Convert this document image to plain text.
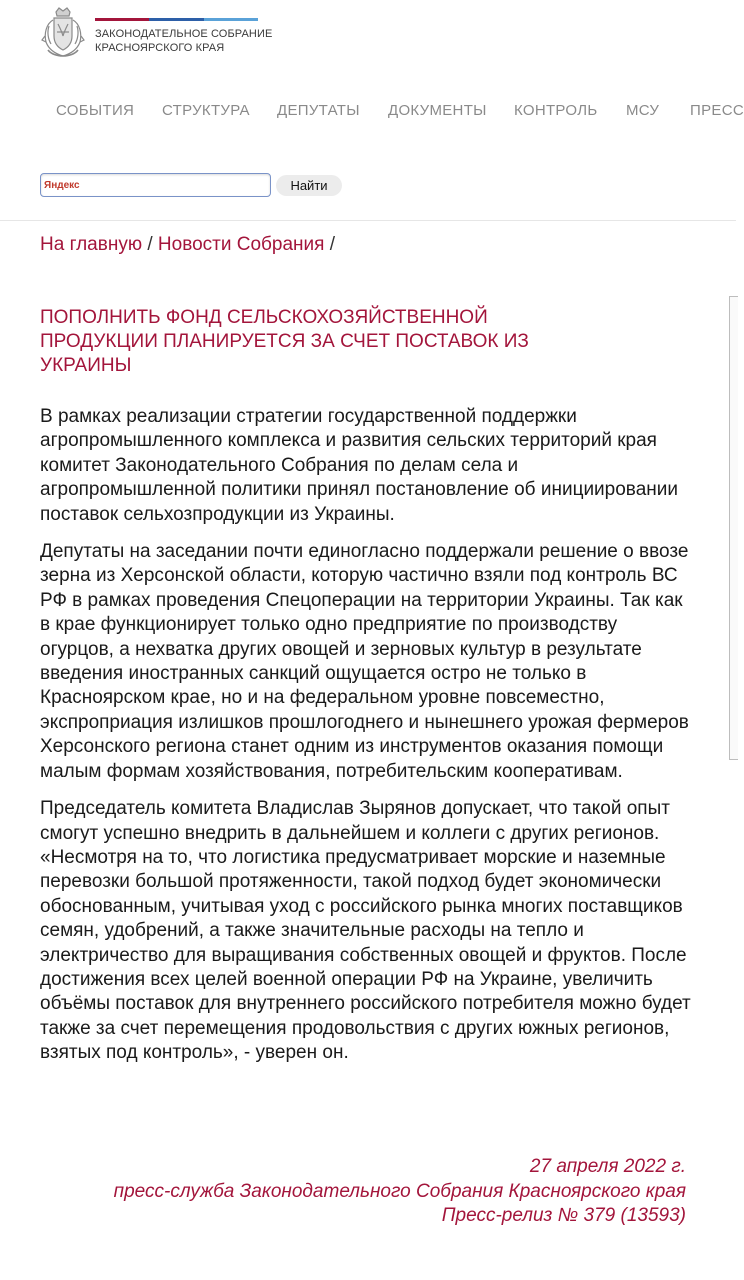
ЗАКОНОДАТЕЛЬНОЕ СОБРАНИЕ
КРАСНОЯРСКОГО КРАЯ
СОБЫТИЯ СТРУКТУРА ДЕПУТАТЫ ДОКУМЕНТЫ КОНТРОЛЬ МСУ ПРЕСС
Яндекс
Найти
На главную / Новости Собрания /
ПОПОЛНИТЬ ФОНД СЕЛЬСКОХОЗЯЙСТВЕННОЙ ПРОДУКЦИИ ПЛАНИРУЕТСЯ ЗА СЧЕТ ПОСТАВОК ИЗ УКРАИНЫ

В рамках реализации стратегии государственной поддержки агропромышленного комплекса и развития сельских территорий края комитет Законодательного Собрания по делам села и агропромышленной политики принял постановление об инициировании поставок сельхозпродукции из Украины.

Депутаты на заседании почти единогласно поддержали решение о ввозе зерна из Херсонской области, которую частично взяли под контроль ВС РФ в рамках проведения Спецоперации на территории Украины. Так как в крае функционирует только одно предприятие по производству огурцов, а нехватка других овощей и зерновых культур в результате введения иностранных санкций ощущается остро не только в Красноярском крае, но и на федеральном уровне повсеместно, экспроприация излишков прошлогоднего и нынешнего урожая фермеров Херсонского региона станет одним из инструментов оказания помощи малым формам хозяйствования, потребительским кооперативам.

Председатель комитета Владислав Зырянов допускает, что такой опыт смогут успешно внедрить в дальнейшем и коллеги с других регионов. «Несмотря на то, что логистика предусматривает морские и наземные перевозки большой протяженности, такой подход будет экономически обоснованным, учитывая уход с российского рынка многих поставщиков семян, удобрений, а также значительные расходы на тепло и электричество для выращивания собственных овощей и фруктов. После достижения всех целей военной операции РФ на Украине, увеличить объёмы поставок для внутреннего российского потребителя можно будет также за счет перемещения продовольствия с других южных регионов, взятых под контроль», - уверен он.

27 апреля 2022 г.
пресс-служба Законодательного Собрания Красноярского края
Пресс-релиз № 379 (13593)
